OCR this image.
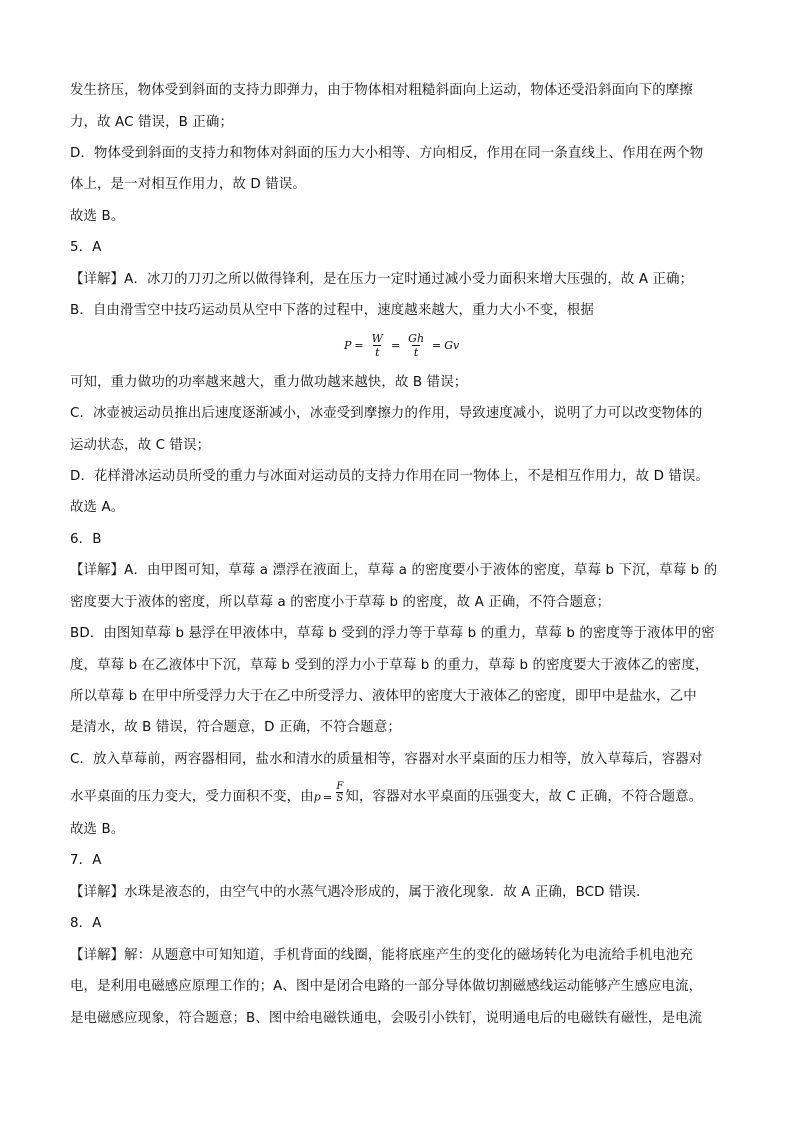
发生挤压，物体受到斜面的支持力即弹力，由于物体相对粗糙斜面向上运动，物体还受沿斜面向下的摩擦
力，故 AC 错误，B 正确；
D．物体受到斜面的支持力和物体对斜面的压力大小相等、方向相反，作用在同一条直线上、作用在两个物
体上，是一对相互作用力，故 D 错误。
故选 B。
5．A
【详解】A．冰刀的刀刃之所以做得锋利，是在压力一定时通过减小受力面积来增大压强的，故 A 正确；
B．自由滑雪空中技巧运动员从空中下落的过程中，速度越来越大，重力大小不变，根据
$P = \frac{W}{t} = \frac{Gh}{t} = Gv$
可知，重力做功的功率越来越大，重力做功越来越快，故 B 错误；
C．冰壶被运动员推出后速度逐渐减小，冰壶受到摩擦力的作用，导致速度减小，说明了力可以改变物体的
运动状态，故 C 错误；
D．花样滑冰运动员所受的重力与冰面对运动员的支持力作用在同一物体上，不是相互作用力，故 D 错误。
故选 A。
6．B
【详解】A．由甲图可知，草莓 a 漂浮在液面上，草莓 a 的密度要小于液体的密度，草莓 b 下沉，草莓 b 的
密度要大于液体的密度，所以草莓 a 的密度小于草莓 b 的密度，故 A 正确，不符合题意；
BD．由图知草莓 b 悬浮在甲液体中，草莓 b 受到的浮力等于草莓 b 的重力，草莓 b 的密度等于液体甲的密
度，草莓 b 在乙液体中下沉，草莓 b 受到的浮力小于草莓 b 的重力，草莓 b 的密度要大于液体乙的密度，
所以草莓 b 在甲中所受浮力大于在乙中所受浮力、液体甲的密度大于液体乙的密度，即甲中是盐水，乙中
是清水，故 B 错误，符合题意，D 正确，不符合题意；
C．放入草莓前，两容器相同，盐水和清水的质量相等，容器对水平桌面的压力相等，放入草莓后，容器对
水平桌面的压力变大，受力面积不变，由$p = \frac{F}{S}$ 知，容器对水平桌面的压强变大，故 C 正确，不符合题意。
故选 B。
7．A
【详解】水珠是液态的，由空气中的水蒸气遇冷形成的，属于液化现象．故 A 正确，BCD 错误．
8．A
【详解】解：从题意中可知知道，手机背面的线圈，能将底座产生的变化的磁场转化为电流给手机电池充
电，是利用电磁感应原理工作的；A、图中是闭合电路的一部分导体做切割磁感线运动能够产生感应电流，
是电磁感应现象，符合题意；B、图中给电磁铁通电，会吸引小铁钉，说明通电后的电磁铁有磁性，是电流
